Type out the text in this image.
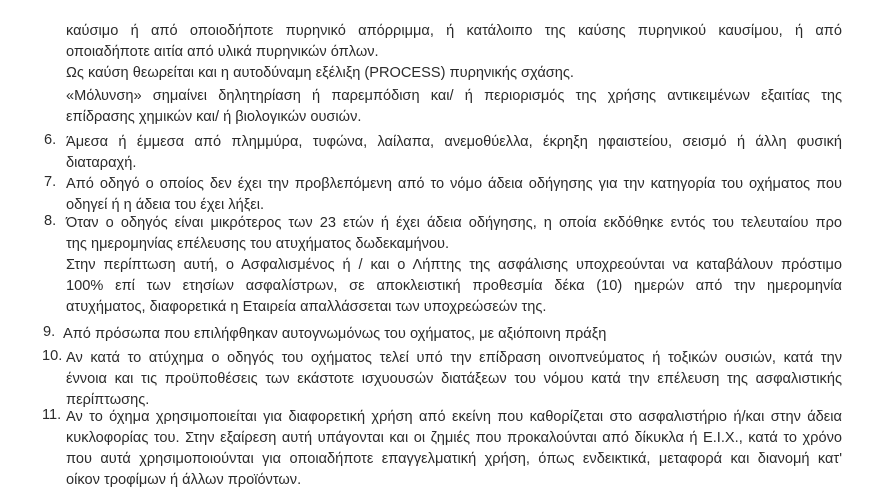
καύσιμο ή από οποιοδήποτε πυρηνικό απόρριμμα, ή κατάλοιπο της καύσης πυρηνικού καυσίμου, ή από
οποιαδήποτε αιτία από υλικά πυρηνικών όπλων.
Ως καύση θεωρείται και η αυτοδύναμη εξέλιξη (PROCESS) πυρηνικής σχάσης.
«Μόλυνση» σημαίνει δηλητηρίαση ή παρεμπόδιση και/ ή περιορισμός της χρήσης αντικειμένων εξαιτίας της
επίδρασης χημικών και/ ή βιολογικών ουσιών.
6. Άμεσα ή έμμεσα από πλημμύρα, τυφώνα, λαίλαπα, ανεμοθύελλα, έκρηξη ηφαιστείου, σεισμό ή άλλη φυσική
διαταραχή.
7. Από οδηγό ο οποίος δεν έχει την προβλεπόμενη από το νόμο άδεια οδήγησης για την κατηγορία του οχήματος που
οδηγεί ή η άδεια του έχει λήξει.
8. Όταν ο οδηγός είναι μικρότερος των 23 ετών ή έχει άδεια οδήγησης, η οποία εκδόθηκε εντός του τελευταίου προ
της ημερομηνίας επέλευσης του ατυχήματος δωδεκαμήνου.
Στην περίπτωση αυτή, ο Ασφαλισμένος ή / και ο Λήπτης της ασφάλισης υποχρεούνται να καταβάλουν πρόστιμο
100% επί των ετησίων ασφαλίστρων, σε αποκλειστική προθεσμία δέκα (10) ημερών από την ημερομηνία
ατυχήματος, διαφορετικά η Εταιρεία απαλλάσσεται των υποχρεώσεών της.
9. Από πρόσωπα που επιλήφθηκαν αυτογνωμόνως του οχήματος, με αξιόποινη πράξη
10. Αν κατά το ατύχημα ο οδηγός του οχήματος τελεί υπό την επίδραση οινοπνεύματος ή τοξικών ουσιών, κατά την
έννοια και τις προϋποθέσεις των εκάστοτε ισχυουσών διατάξεων του νόμου κατά την επέλευση της ασφαλιστικής
περίπτωσης.
11. Αν το όχημα χρησιμοποιείται για διαφορετική χρήση από εκείνη που καθορίζεται στο ασφαλιστήριο ή/και στην άδεια
κυκλοφορίας του. Στην εξαίρεση αυτή υπάγονται και οι ζημιές που προκαλούνται από δίκυκλα ή Ε.Ι.Χ., κατά το χρόνο
που αυτά χρησιμοποιούνται για οποιαδήποτε επαγγελματική χρήση, όπως ενδεικτικά, μεταφορά και διανομή κατ'
οίκον τροφίμων ή άλλων προϊόντων.
